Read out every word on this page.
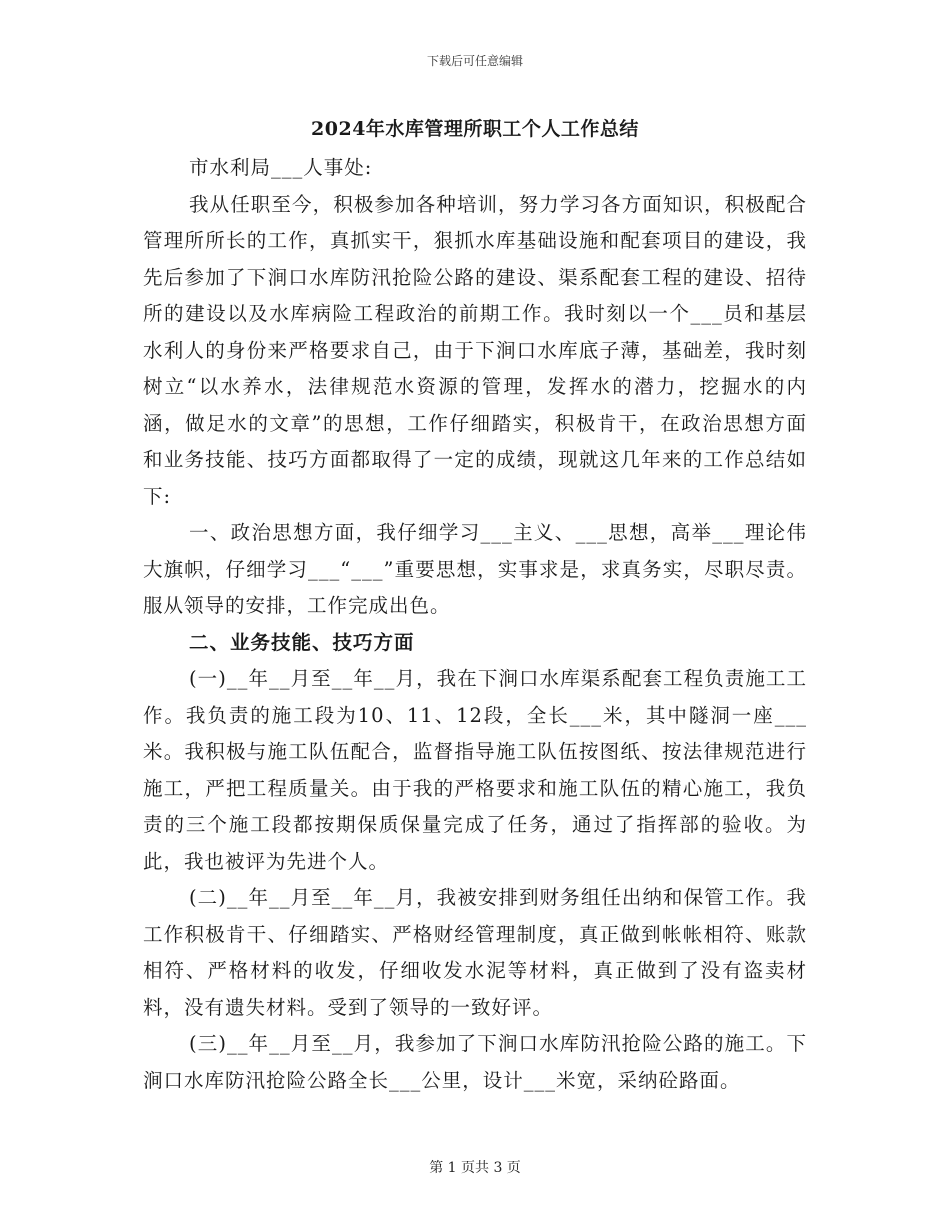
下载后可任意编辑
2024年水库管理所职工个人工作总结

市水利局___人事处:

我从任职至今，积极参加各种培训，努力学习各方面知识，积极配合管理所所长的工作，真抓实干，狠抓水库基础设施和配套项目的建设，我先后参加了下涧口水库防汛抢险公路的建设、渠系配套工程的建设、招待所的建设以及水库病险工程政治的前期工作。我时刻以一个___员和基层水利人的身份来严格要求自己，由于下涧口水库底子薄，基础差，我时刻树立“以水养水，法律规范水资源的管理，发挥水的潜力，挖掘水的内涵，做足水的文章”的思想，工作仔细踏实，积极肯干，在政治思想方面和业务技能、技巧方面都取得了一定的成绩，现就这几年来的工作总结如下:

一、政治思想方面，我仔细学习___主义、___思想，高举___理论伟大旗帜，仔细学习___“___”重要思想，实事求是，求真务实，尽职尽责。服从领导的安排，工作完成出色。

二、业务技能、技巧方面

(一)__年__月至__年__月，我在下涧口水库渠系配套工程负责施工工作。我负责的施工段为10、11、12段，全长___米，其中隧洞一座___米。我积极与施工队伍配合，监督指导施工队伍按图纸、按法律规范进行施工，严把工程质量关。由于我的严格要求和施工队伍的精心施工，我负责的三个施工段都按期保质保量完成了任务，通过了指挥部的验收。为此，我也被评为先进个人。

(二)__年__月至__年__月，我被安排到财务组任出纳和保管工作。我工作积极肯干、仔细踏实、严格财经管理制度，真正做到帐帐相符、账款相符、严格材料的收发，仔细收发水泥等材料，真正做到了没有盗卖材料，没有遗失材料。受到了领导的一致好评。

(三)__年__月至__月，我参加了下涧口水库防汛抢险公路的施工。下涧口水库防汛抢险公路全长___公里，设计___米宽，采纳砼路面。

第 1 页共 3 页
